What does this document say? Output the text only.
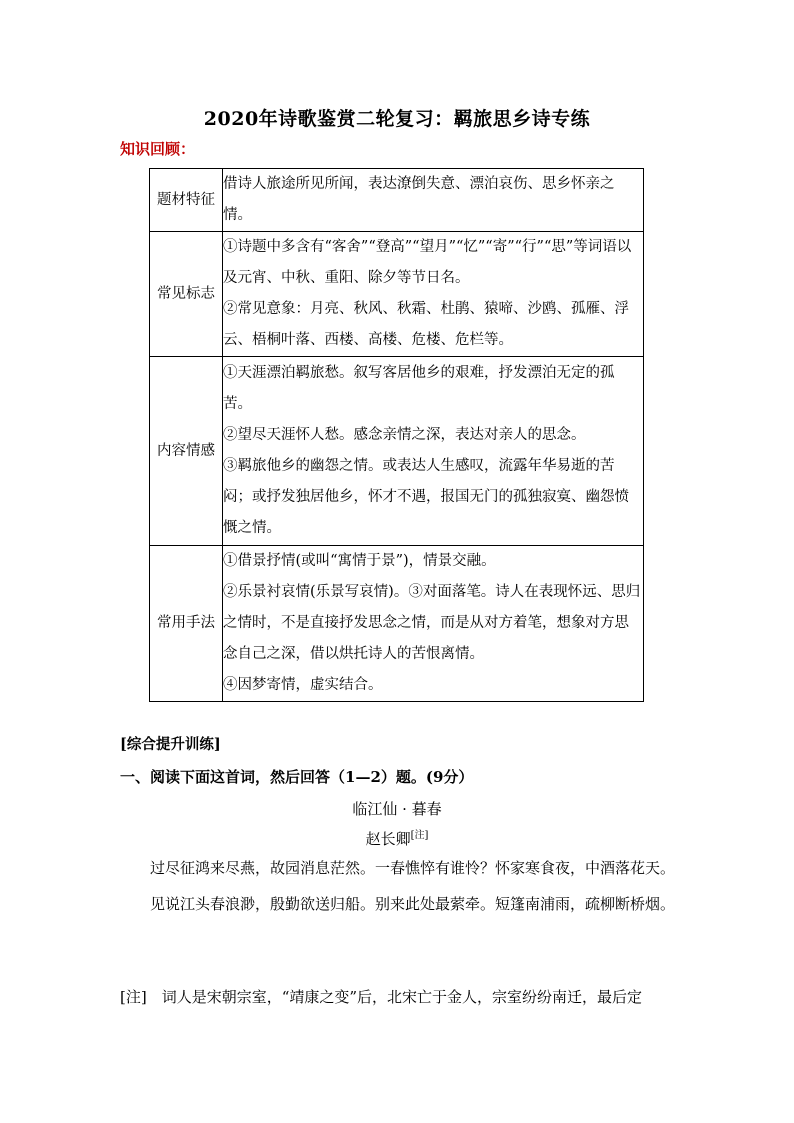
2020年诗歌鉴赏二轮复习：羁旅思乡诗专练
知识回顾：
题材特征	借诗人旅途所见所闻，表达潦倒失意、漂泊哀伤、思乡怀亲之情。

常见标志	①诗题中多含有“客舍”“登高”“望月”“忆”“寄”“行”“思”等词语以及元宵、中秋、重阳、除夕等节日名。
②常见意象：月亮、秋风、秋霜、杜鹃、猿啼、沙鸥、孤雁、浮云、梧桐叶落、西楼、高楼、危楼、危栏等。

内容情感	①天涯漂泊羁旅愁。叙写客居他乡的艰难，抒发漂泊无定的孤苦。
②望尽天涯怀人愁。感念亲情之深，表达对亲人的思念。
③羁旅他乡的幽怨之情。或表达人生感叹，流露年华易逝的苦闷；或抒发独居他乡，怀才不遇，报国无门的孤独寂寞、幽怨愤慨之情。

常用手法	①借景抒情(或叫“寓情于景”)，情景交融。
②乐景衬哀情(乐景写哀情)。③对面落笔。诗人在表现怀远、思归之情时，不是直接抒发思念之情，而是从对方着笔，想象对方思念自己之深，借以烘托诗人的苦恨离情。
④因梦寄情，虚实结合。
[综合提升训练]
一、阅读下面这首词，然后回答（1—2）题。(9分）
临江仙 · 暮春
赵长卿[注]

过尽征鸿来尽燕，故园消息茫然。一春憔悴有谁怜？怀家寒食夜，中酒落花天。

见说江头春浪渺，殷勤欲送归船。别来此处最萦牵。短篷南浦雨，疏柳断桥烟。

[注]　词人是宋朝宗室，“靖康之变”后，北宋亡于金人，宗室纷纷南迁，最后定
